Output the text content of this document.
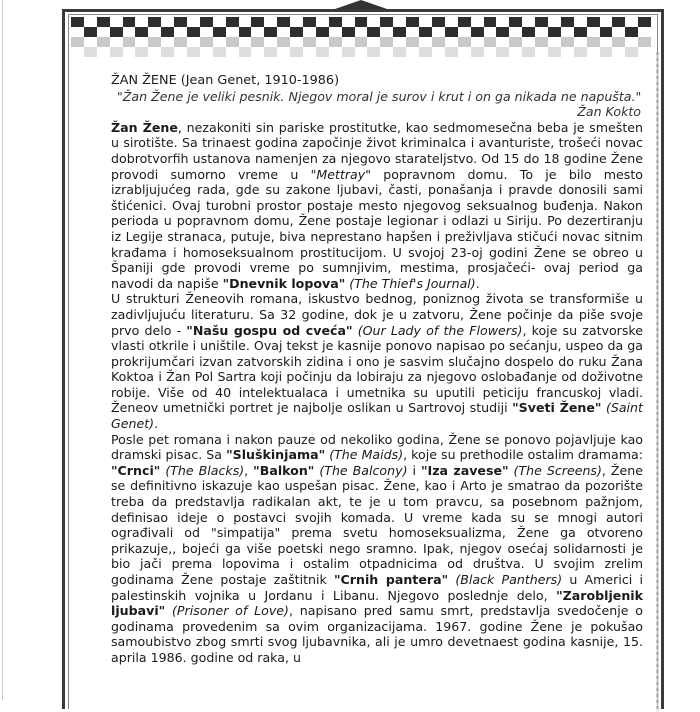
ŽAN ŽENE (Jean Genet, 1910-1986)

"Žan Žene je veliki pesnik. Njegov moral je surov i krut i on ga nikada ne napušta."

Žan Kokto

Žan Žene, nezakoniti sin pariske prostitutke, kao sedmomesečna beba je smešten u sirotište. Sa trinaest godina započinje život kriminalca i avanturiste, trošeći novac dobrotvorfih ustanova namenjen za njegovo starateljstvo. Od 15 do 18 godine Žene provodi sumorno vreme u "Mettray" popravnom domu. To je bilo mesto izrabljujućeg rada, gde su zakone ljubavi, časti, ponašanja i pravde donosili sami štićenici. Ovaj turobni prostor postaje mesto njegovog seksualnog buđenja. Nakon perioda u popravnom domu, Žene postaje legionar i odlazi u Siriju. Po dezertiranju iz Legije stranaca, putuje, biva neprestano hapšen i preživljava stičući novac sitnim krađama i homoseksualnom prostitucijom. U svojoj 23-oj godini Žene se obreo u Španiji gde provodi vreme po sumnjivim, mestima, prosjačeći- ovaj period ga navodi da napiše "Dnevnik lopova" (The Thief's Journal).

U strukturi Ženeovih romana, iskustvo bednog, poniznog života se transformiše u zadivljujuću literaturu. Sa 32 godine, dok je u zatvoru, Žene počinje da piše svoje prvo delo - "Našu gospu od cveća" (Our Lady of the Flowers), koje su zatvorske vlasti otkrile i uništile. Ovaj tekst je kasnije ponovo napisao po sećanju, uspeo da ga prokrijumčari izvan zatvorskih zidina i ono je sasvim slučajno dospelo do ruku Žana Koktoa i Žan Pol Sartra koji počinju da lobiraju za njegovo oslobađanje od doživotne robije. Više od 40 intelektualaca i umetnika su uputili peticiju francuskoj vladi. Ženeov umetnički portret je najbolje oslikan u Sartrovoj studiji "Sveti Žene" (Saint Genet).

Posle pet romana i nakon pauze od nekoliko godina, Žene se ponovo pojavljuje kao dramski pisac. Sa "Sluškinjama" (The Maids), koje su prethodile ostalim dramama: "Crnci" (The Blacks), "Balkon" (The Balcony) i "Iza zavese" (The Screens), Žene se definitivno iskazuje kao uspešan pisac. Žene, kao i Arto je smatrao da pozorište treba da predstavlja radikalan akt, te je u tom pravcu, sa posebnom pažnjom, definisao ideje o postavci svojih komada. U vreme kada su se mnogi autori ograđivali od "simpatija" prema svetu homoseksualizma, Žene ga otvoreno prikazuje,, bojeći ga više poetski nego sramno. Ipak, njegov osećaj solidarnosti je bio jači prema lopovima i ostalim otpadnicima od društva. U svojim zrelim godinama Žene postaje zaštitnik "Crnih pantera" (Black Panthers) u Americi i palestinskih vojnika u Jordanu i Libanu. Njegovo poslednje delo, "Zarobljenik ljubavi" (Prisoner of Love), napisano pred samu smrt, predstavlja svedočenje o godinama provedenim sa ovim organizacijama. 1967. godine Žene je pokušao samoubistvo zbog smrti svog ljubavnika, ali je umro devetnaest godina kasnije, 15. aprila 1986. godine od raka, u
